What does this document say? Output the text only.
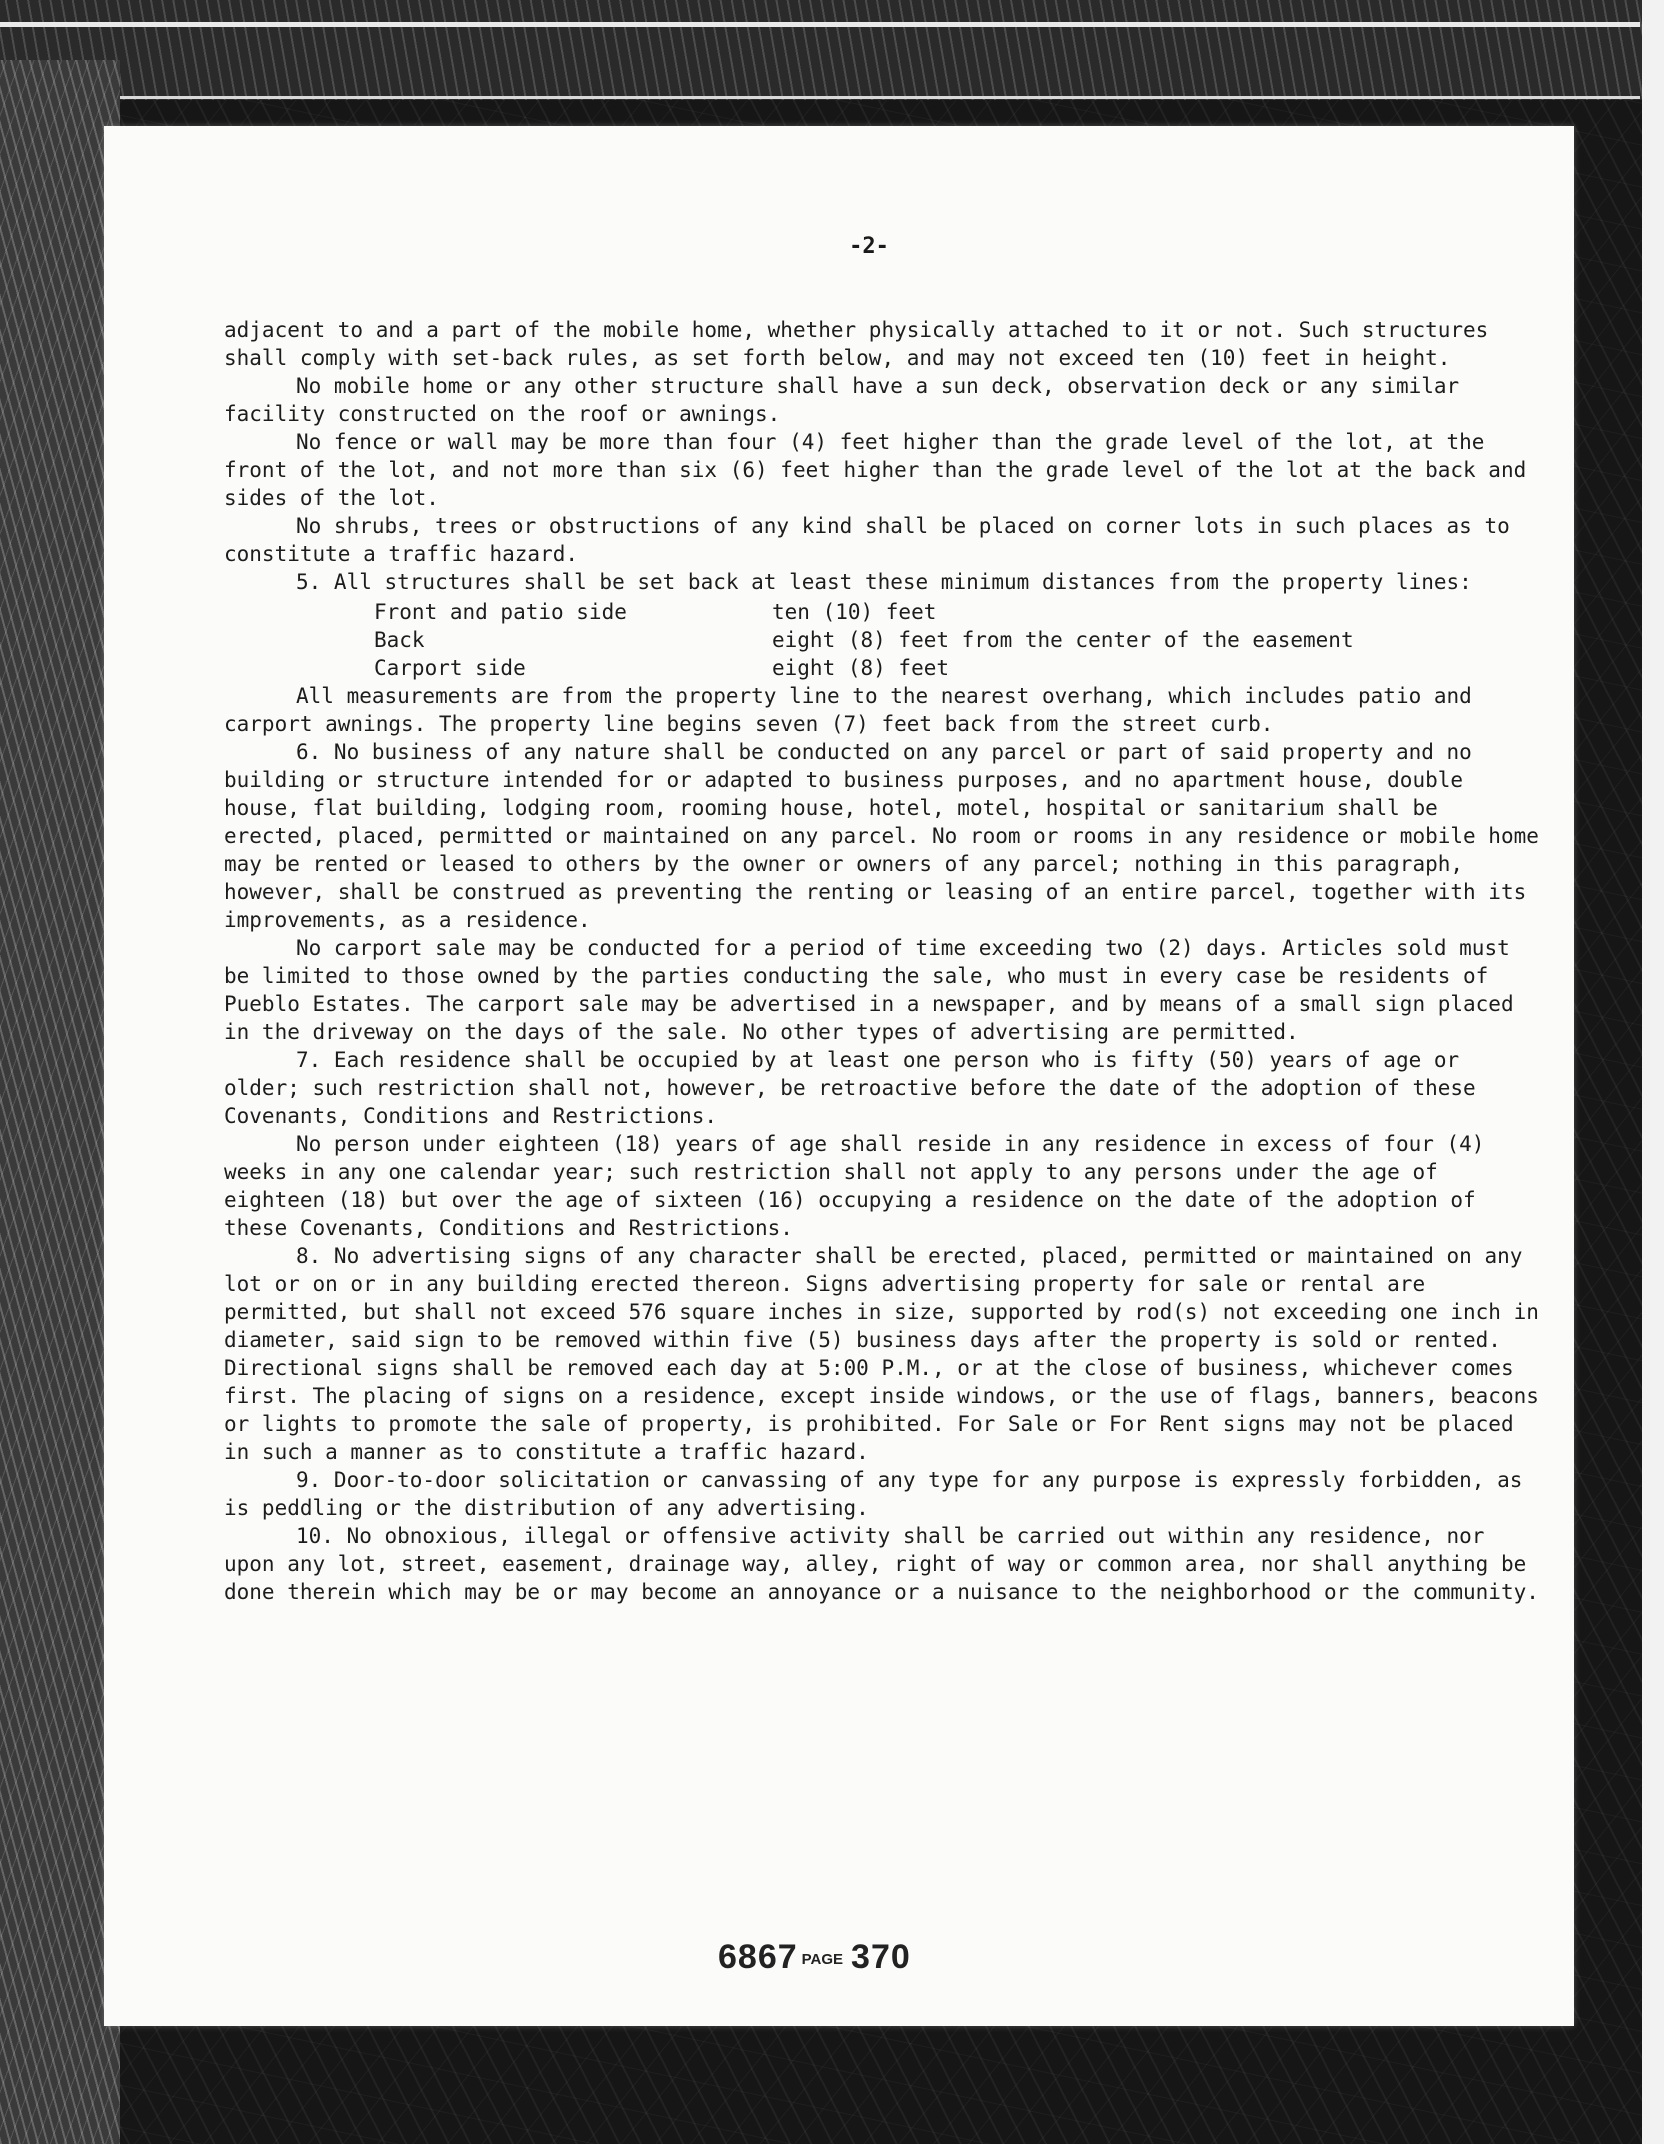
-2-

adjacent to and a part of the mobile home, whether physically attached to it or not. Such structures shall comply with set-back rules, as set forth below, and may not exceed ten (10) feet in height.

No mobile home or any other structure shall have a sun deck, observation deck or any similar facility constructed on the roof or awnings.

No fence or wall may be more than four (4) feet higher than the grade level of the lot, at the front of the lot, and not more than six (6) feet higher than the grade level of the lot at the back and sides of the lot.

No shrubs, trees or obstructions of any kind shall be placed on corner lots in such places as to constitute a traffic hazard.

5. All structures shall be set back at least these minimum distances from the property lines:

Front and patio side	ten (10) feet
Back	eight (8) feet from the center of the easement
Carport side	eight (8) feet

All measurements are from the property line to the nearest overhang, which includes patio and carport awnings. The property line begins seven (7) feet back from the street curb.

6. No business of any nature shall be conducted on any parcel or part of said property and no building or structure intended for or adapted to business purposes, and no apartment house, double house, flat building, lodging room, rooming house, hotel, motel, hospital or sanitarium shall be erected, placed, permitted or maintained on any parcel. No room or rooms in any residence or mobile home may be rented or leased to others by the owner or owners of any parcel; nothing in this paragraph, however, shall be construed as preventing the renting or leasing of an entire parcel, together with its improvements, as a residence.

No carport sale may be conducted for a period of time exceeding two (2) days. Articles sold must be limited to those owned by the parties conducting the sale, who must in every case be residents of Pueblo Estates. The carport sale may be advertised in a newspaper, and by means of a small sign placed in the driveway on the days of the sale. No other types of advertising are permitted.

7. Each residence shall be occupied by at least one person who is fifty (50) years of age or older; such restriction shall not, however, be retroactive before the date of the adoption of these Covenants, Conditions and Restrictions.

No person under eighteen (18) years of age shall reside in any residence in excess of four (4) weeks in any one calendar year; such restriction shall not apply to any persons under the age of eighteen (18) but over the age of sixteen (16) occupying a residence on the date of the adoption of these Covenants, Conditions and Restrictions.

8. No advertising signs of any character shall be erected, placed, permitted or maintained on any lot or on or in any building erected thereon. Signs advertising property for sale or rental are permitted, but shall not exceed 576 square inches in size, supported by rod(s) not exceeding one inch in diameter, said sign to be removed within five (5) business days after the property is sold or rented. Directional signs shall be removed each day at 5:00 P.M., or at the close of business, whichever comes first. The placing of signs on a residence, except inside windows, or the use of flags, banners, beacons or lights to promote the sale of property, is prohibited. For Sale or For Rent signs may not be placed in such a manner as to constitute a traffic hazard.

9. Door-to-door solicitation or canvassing of any type for any purpose is expressly forbidden, as is peddling or the distribution of any advertising.

10. No obnoxious, illegal or offensive activity shall be carried out within any residence, nor upon any lot, street, easement, drainage way, alley, right of way or common area, nor shall anything be done therein which may be or may become an annoyance or a nuisance to the neighborhood or the community.

6867 PAGE 370
